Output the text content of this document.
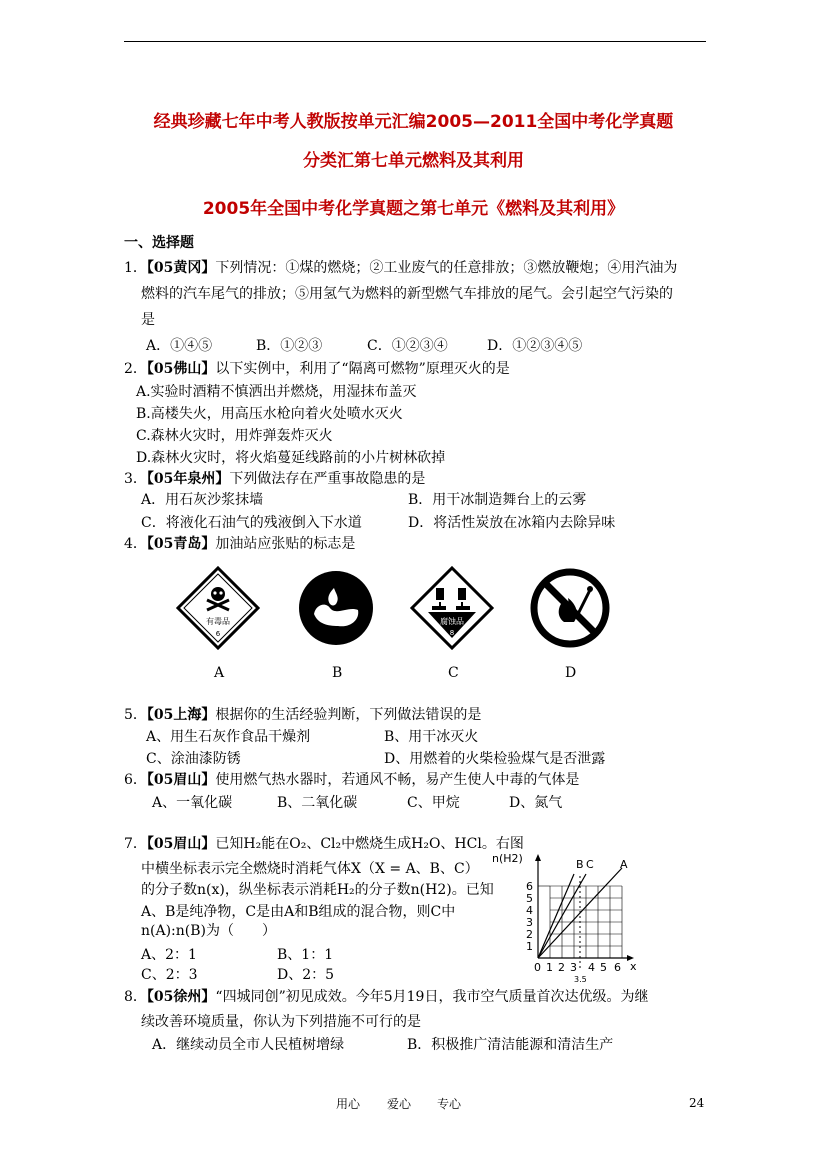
经典珍藏七年中考人教版按单元汇编2005—2011全国中考化学真题
分类汇第七单元燃料及其利用
2005年全国中考化学真题之第七单元《燃料及其利用》
一、选择题
1．【05黄冈】下列情况：①煤的燃烧；②工业废气的任意排放；③燃放鞭炮；④用汽油为
燃料的汽车尾气的排放；⑤用氢气为燃料的新型燃气车排放的尾气。会引起空气污染的
是
A．①④⑤	B．①②③	C．①②③④	D．①②③④⑤
2．【05佛山】以下实例中，利用了“隔离可燃物”原理灭火的是
A.实验时酒精不慎洒出并燃烧，用湿抹布盖灭
B.高楼失火，用高压水枪向着火处喷水灭火
C.森林火灾时，用炸弹轰炸灭火
D.森林火灾时，将火焰蔓延线路前的小片树林砍掉
3．【05年泉州】下列做法存在严重事故隐患的是
A．用石灰沙浆抹墙	B．用干冰制造舞台上的云雾
C．将液化石油气的残液倒入下水道	D．将活性炭放在冰箱内去除异味
4．【05青岛】加油站应张贴的标志是
有毒品
6
腐蚀品
8
A	B	C	D
5．【05上海】根据你的生活经验判断，下列做法错误的是
A、用生石灰作食品干燥剂	B、用干冰灭火
C、涂油漆防锈	D、用燃着的火柴检验煤气是否泄露
6．【05眉山】使用燃气热水器时，若通风不畅，易产生使人中毒的气体是
A、一氧化碳	B、二氧化碳	C、甲烷	D、氮气
7．【05眉山】已知H₂能在O₂、Cl₂中燃烧生成H₂O、HCl。右图
中横坐标表示完全燃烧时消耗气体X（X = A、B、C）
的分子数n(x)，纵坐标表示消耗H₂的分子数n(H2)。已知
A、B是纯净物，C是由A和B组成的混合物，则C中
n(A):n(B)为（　　）
A、2：1	B、1：1
C、2：3	D、2：5
n(H2)	B C A
1
2
3
4
5
6
0 1 2 3 4 5 6 x
3.5
8．【05徐州】“四城同创”初见成效。今年5月19日，我市空气质量首次达优级。为继
续改善环境质量，你认为下列措施不可行的是
A．继续动员全市人民植树增绿	B．积极推广清洁能源和清洁生产
用心 爱心 专心	24
